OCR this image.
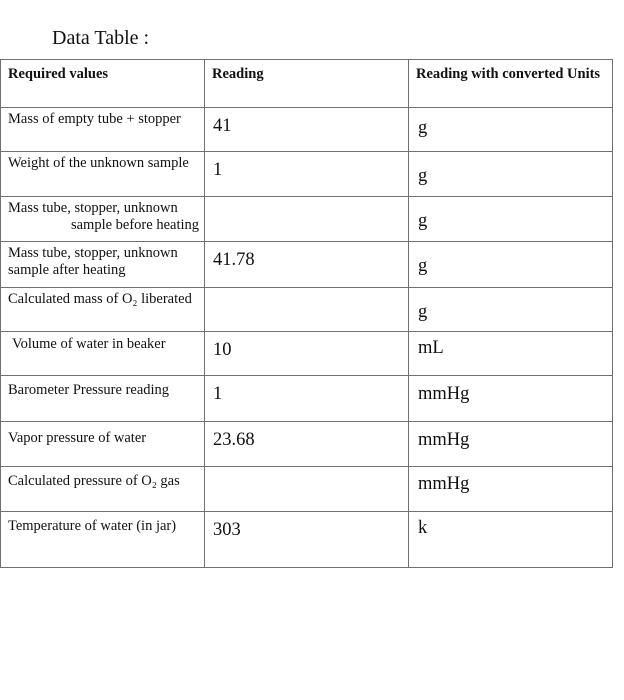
Data Table :
Required values	Reading	Reading with converted Units
Mass of empty tube + stopper	41	g
Weight of the unknown sample	1	g
Mass tube, stopper, unknown
sample before heating		g
Mass tube, stopper, unknown sample after heating	41.78	g
Calculated mass of O₂ liberated		g
Volume of water in beaker	10	mL
Barometer Pressure reading	1	mmHg
Vapor pressure of water	23.68	mmHg
Calculated pressure of O₂ gas		mmHg
Temperature of water (in jar)	303	k
